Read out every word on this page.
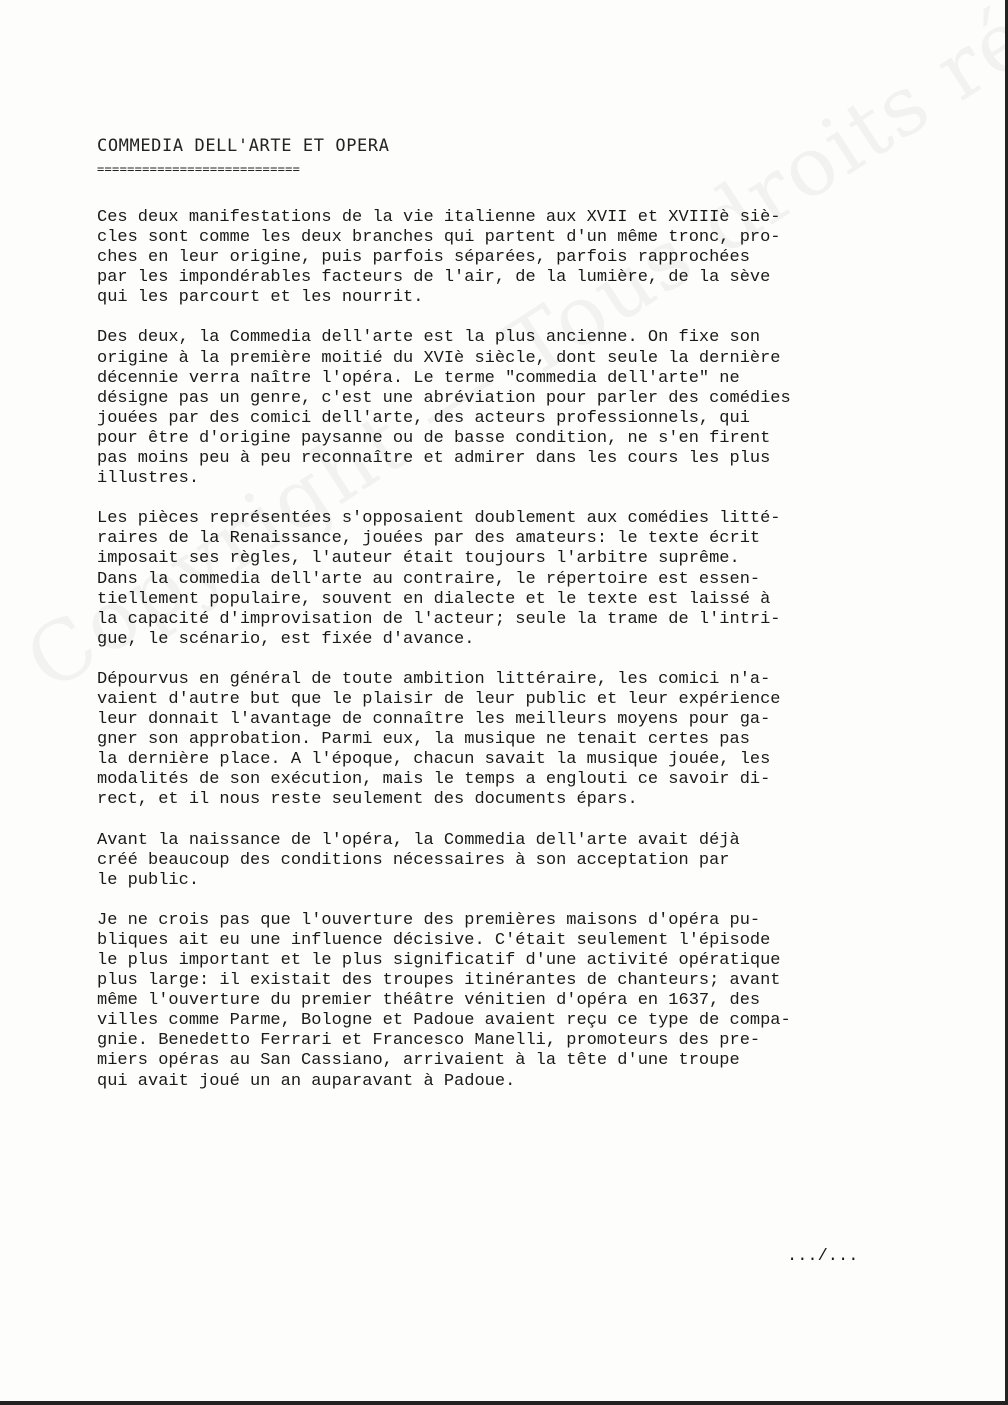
COMMEDIA DELL'ARTE ET OPERA
===========================
Ces deux manifestations de la vie italienne aux XVII et XVIIIè siè-
cles sont comme les deux branches qui partent d'un même tronc, pro-
ches en leur origine, puis parfois séparées, parfois rapprochées
par les impondérables facteurs de l'air, de la lumière, de la sève
qui les parcourt et les nourrit.
Des deux, la Commedia dell'arte est la plus ancienne. On fixe son
origine à la première moitié du XVIè siècle, dont seule la dernière
décennie verra naître l'opéra. Le terme "commedia dell'arte" ne
désigne pas un genre, c'est une abréviation pour parler des comédies
jouées par des comici dell'arte, des acteurs professionnels, qui
pour être d'origine paysanne ou de basse condition, ne s'en firent
pas moins peu à peu reconnaître et admirer dans les cours les plus
illustres.
Les pièces représentées s'opposaient doublement aux comédies litté-
raires de la Renaissance, jouées par des amateurs: le texte écrit
imposait ses règles, l'auteur était toujours l'arbitre suprême.
Dans la commedia dell'arte au contraire, le répertoire est essen-
tiellement populaire, souvent en dialecte et le texte est laissé à
la capacité d'improvisation de l'acteur; seule la trame de l'intri-
gue, le scénario, est fixée d'avance.
Dépourvus en général de toute ambition littéraire, les comici n'a-
vaient d'autre but que le plaisir de leur public et leur expérience
leur donnait l'avantage de connaître les meilleurs moyens pour ga-
gner son approbation. Parmi eux, la musique ne tenait certes pas
la dernière place. A l'époque, chacun savait la musique jouée, les
modalités de son exécution, mais le temps a englouti ce savoir di-
rect, et il nous reste seulement des documents épars.
Avant la naissance de l'opéra, la Commedia dell'arte avait déjà
créé beaucoup des conditions nécessaires à son acceptation par
le public.
Je ne crois pas que l'ouverture des premières maisons d'opéra pu-
bliques ait eu une influence décisive. C'était seulement l'épisode
le plus important et le plus significatif d'une activité opératique
plus large: il existait des troupes itinérantes de chanteurs; avant
même l'ouverture du premier théâtre vénitien d'opéra en 1637, des
villes comme Parme, Bologne et Padoue avaient reçu ce type de compa-
gnie. Benedetto Ferrari et Francesco Manelli, promoteurs des pre-
miers opéras au San Cassiano, arrivaient à la tête d'une troupe
qui avait joué un an auparavant à Padoue.
.../...
